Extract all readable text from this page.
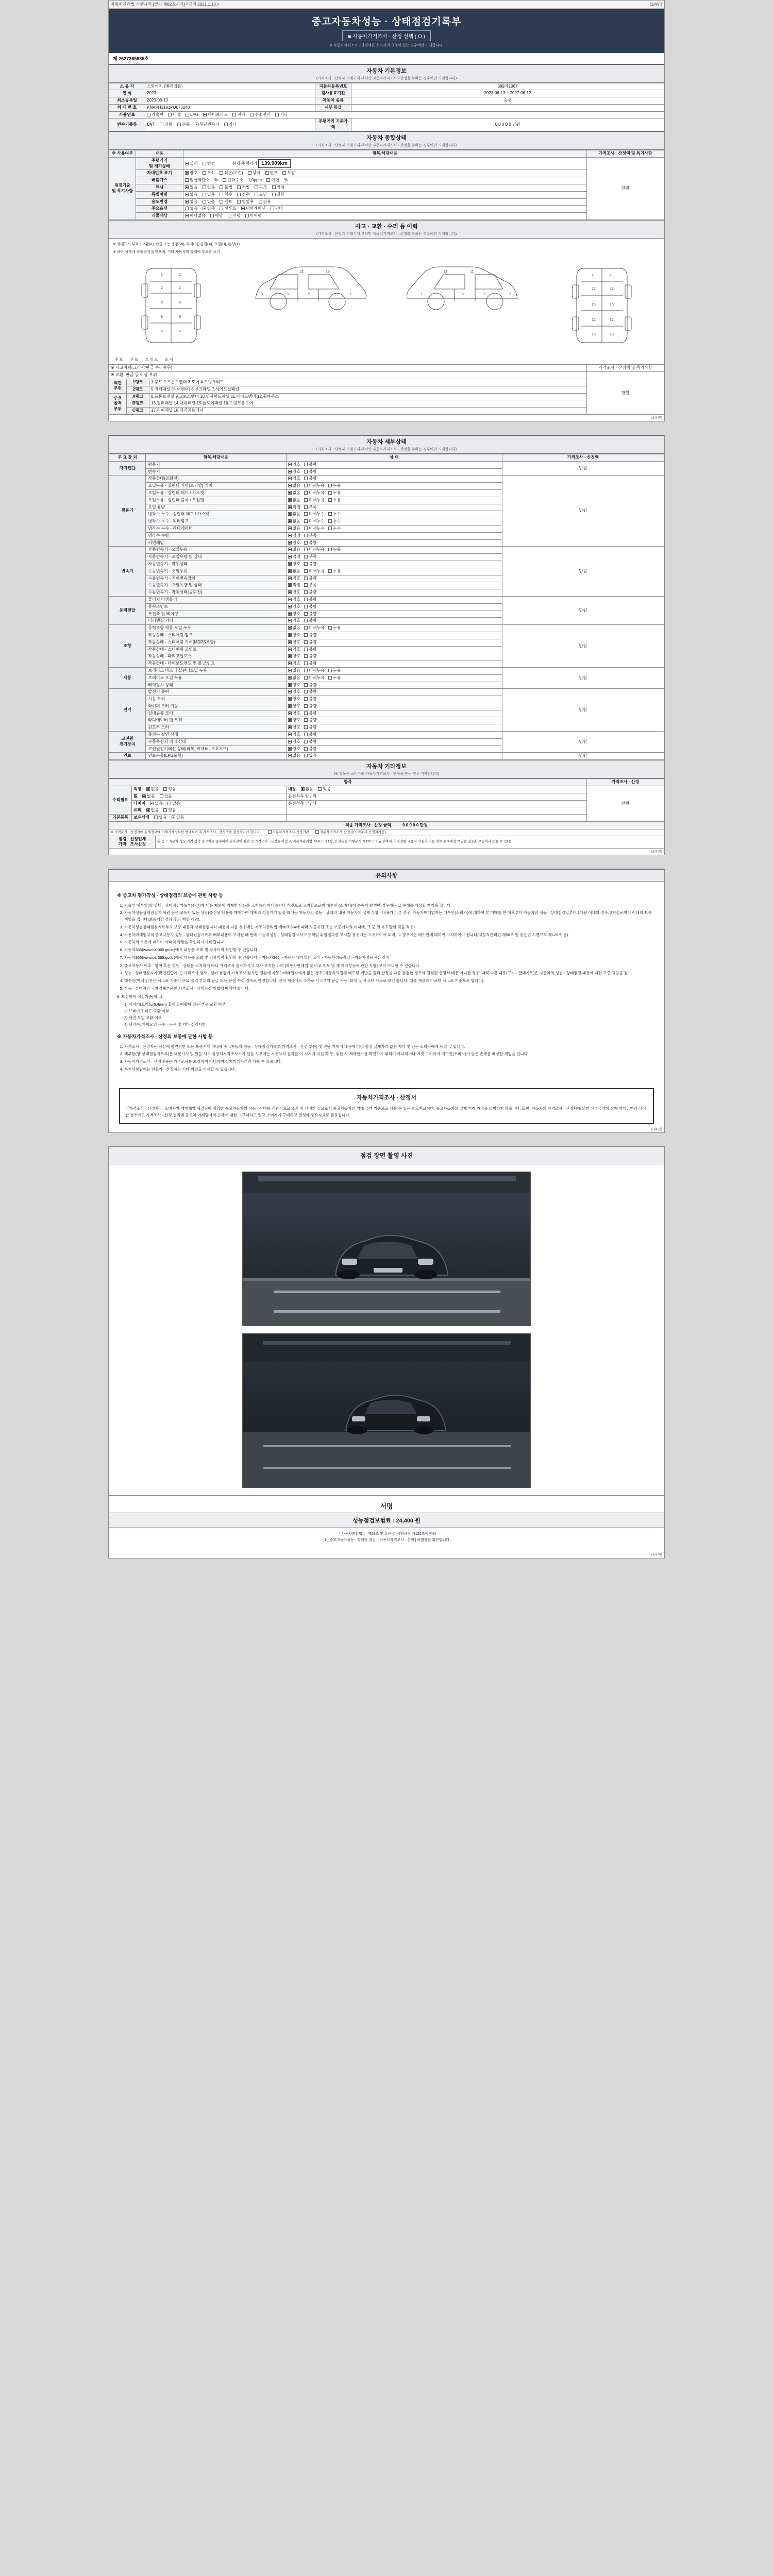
자동차관리법 시행규칙 [별지 제82호서식] <개정 2021.1.13.>	(1/4면)
중고자동차성능 · 상태점검기록부
■ 자동차가격조사 · 산정 선택 ( O )
※ 자동차가격조사 · 산정액은 소비자의 요청이 있는 경우에만 기재합니다.
제 2627365935호
자동차 기본정보
(가격조사 · 산정자 기재기재 부서만 자동차가격조사 · 산정을 함하는 경우에만 기재합니다)
소 유 자	스와이지 (매매업용)	자동차등록번호	389가1067
연 식	2023	검사유효기간	2023-06-13 ~ 2027-06-12
최초등록일	2023-06-13	자동차 종류	승용
차 대 번 호	KNAPH3181PU673240	세부 등급	
사용연료	가솔린 디젤 LPG 하이브리드 전기 수소전기 기타		
변속기종류	CVT 자동 수동 무단변속기 기타	주행거리 기준가액	0 0 0 0 0 만원
자동차 종합상태
(가격조사 · 산정자 기재기재 부서만 자동차가격조사 · 산정을 함하는 경우에만 기재합니다)
※ 사용여부	내용	항목/해당내용	가격조사 · 산정액 및 특기사항
점검기준
및 특기사항	주행거리
및 계기상태	실제 변경 현재 주행거리 139,909km	만원
	차대번호 표기	양호 부식 훼손(오손) 상이 변조 도말	
	배출가스	일산화탄소 % 탄화수소 1,0ppm 매연 %	
	튜닝	없음 있음 불법 적법 구조 장치	
	특별이력	없음 있음 침수 전손 도난 결함	
	용도변경	없음 있음 렌트 영업용 관용	
	주요옵션	없음 있음 선루프 내비게이션 기타	
	리콜대상	해당없음 해당 이행 미이행	
사고 · 교환 · 수리 등 이력
(가격조사 · 산정자 기재기재 부서만 자동차가격조사 · 산정을 함하는 경우에만 기재합니다)
※ 상태표시 부호 : 교환(X), 판금 또는 용접(W), 부식(C), 흠집(A), 요철(U), 손상(T)
※ 하단 상태에 속출하지 않았으며, 기타 자동차의 상태에 부호를 표기
1	1
2	2
8	8
9	9
6	6
3	3	5	7
11	13
3
3
5
7
11
13
4	4
17	17
16	16
12	12
18	18
후 드 루 프 트 렁 크 도 어
※ 사고이력(크러시/판금 수리유무)			가격조사 · 산정액 및 특기사항
※ 교환, 판금 등 이상 부위			만원
외판
부위	1랭크	1.후드 2.프론트펜더 3.도어 4.트렁크리드	
	2랭크	5.쿼터패널 (리어펜더) 6.루프패널 7.사이드실패널	
주요
골격
부위	A랭크	8.프론트패널 9.크로스멤버 10.인사이드패널 11.사이드멤버 12.휠하우스	
	B랭크	13.필러패널 14.대쉬패널 15.플로어패널 16.트렁크플로어	
	C랭크	17.리어패널 18.패키지트레이	
(1/4면)
자동차 세부상태
(가격조사 · 산정자 기재기재 부서만 자동차가격조사 · 산정을 함하는 경우에만 기재합니다)
주 요 장 치	항목/해당내용	상 태	가격조사 · 산정액
자기진단	원동기	양호 불량	만원
	변속기	양호 불량	
원동기	작동상태(공회전)	양호 불량	만원
	오일누유 - 실린더 커버(로커암) 커버	없음 미세누유 누유	
	오일누유 - 실린더 헤드 / 가스켓	없음 미세누유 누유	
	오일누유 - 실린더 블록 / 오일팬	없음 미세누유 누유	
	오일 유량	적정 부족	
	냉각수 누수 - 실린더 헤드 / 가스켓	없음 미세누수 누수	
	냉각수 누수 - 워터펌프	없음 미세누수 누수	
	냉각수 누수 - 라디에이터	없음 미세누수 누수	
	냉각수 수량	적정 부족	
	커먼레일	양호 불량	
변속기	자동변속기 - 오일누유	없음 미세누유 누유	만원
	자동변속기 - 오일유량 및 상태	적정 부족	
	자동변속기 - 작동상태	양호 불량	
	수동변속기 - 오일누유	없음 미세누유 누유	
	수동변속기 - 기어변속장치	양호 불량	
	수동변속기 - 오일유량 및 상태	적정 부족	
	수동변속기 - 작동상태(공회전)	양호 불량	
동력전달	클러치 어셈블리	양호 불량	만원
	등속조인트	양호 불량	
	추진축 및 베어링	양호 불량	
	디퍼렌셜 기어	양호 불량	
조향	동력조향 작동 오일 누유	없음 미세누유 누유	만원
	작동상태 - 스티어링 펌프	양호 불량	
	작동상태 - 스티어링 기어(MDPS포함)	양호 불량	
	작동상태 - 스티어링 조인트	양호 불량	
	작동상태 - 파워고압호스	양호 불량	
	작동상태 - 타이로드엔드 및 볼 조인트	양호 불량	
제동	브레이크 마스터 실린더오일 누유	없음 미세누유 누유	만원
	브레이크 오일 누유	없음 미세누유 누유	
	배력장치 상태	양호 불량	
전기	발전기 출력	양호 불량	만원
	시동 모터	양호 불량	
	와이퍼 모터 기능	양호 불량	
	실내송풍 모터	양호 불량	
	라디에이터 팬 모터	양호 불량	
	윈도우 모터	양호 불량	
고전원
전기장치	충전구 절연 상태	양호 불량	만원
	구동축전지 격리 상태	양호 불량	
	고전원전기배선 상태(피복, 커넥터, 보호기구)	양호 불량	
연료	연료누출(LPG포함)	없음 있음	만원
자동차 기타정보
(※ 항목은 소비자의 자동차가격조사 · 산정을 받는 경우 기재합니다)
항목			가격조사 · 산정
수리필요	외장 없음 있음	내장 없음 있음	만원
	휠 없음 있음	운전석측 앞 / 뒤	
	타이어 없음 있음	운전석측 앞 / 뒤	
	유리 없음 있음		
기본품목	보유상태 없음 있음		
최종 가격조사 · 산정 금액	0 0 0 0 0 만원
※ 가격조사 · 산정자에 실제정보에 기재기재정보를 반대보이 후 가격조사 · 산정액을 결정하여야 합니다.	자동차가격조사·산정기관	자동차가격조사·산정사(가격조사·산정자격증)
점검 · 산정업체
가격 · 조사산정	위 중고 자동차 성능 가격 평가 중고차를 준수하여 위와같이 점검 및 가격조사 · 산정을 하였고, 자동차관리법 제58조 제1항 및 같은법 시행규칙 제120조의 규정에 따라 점검한 내용이 사실과 다를 경우 손해배상 책임을 짐 (단, 보험처리 등을 수 있다)
(2/4면)
유의사항
※ 중고차 평가작성 · 상태점검의 보증에 관한 사항 등
1. 기록부 배부일(양·상태 · 상태점검기록부)은 기재 내용 제외에 기재한 내용을 고지하기 아니하거나 거짓으로 고지할으로써 매수인 (소비자)이 손해가 발생한 경우에는 그 손해를 배상할 책임을 집니다.
2. 자동차성능상태점검기 어린 점은 교육가 있는 상담(중건된 내용를 매매하여 대배의 성장기기 있을 때에는 자동차의 성능 · 상태의 내용 자동차의 실제 상황 · 내용가 다른 경우, 자동차매매업자는 매수인(소비자)에 대하여 본 매매를 한 이후부터 자동차의 성능 · 상태점검일부터 1개월 이내의 경우, 2천킬로미터 이내의 보증 책임을 집니다(보증기간 경과 후의 책임 제외).
3. 자동차성능상태점검기록부의 보증 내용과 상태점검자와 내용이 다를 경우에는 자동차관리법 제58조의4에 따라 보증기간 또는 보증거리의 이내에, 그 중 먼저 도달한 것을 적용).
4. 자동차매매업자의 중고자동차 성능 · 상태점검기록부 배부내용이 고지될 때 판매 가능자성능 · 상태점검자의 보증책임 위임결과를 고시할 경우에는 고지하여야 되며, 그 경우에는 매수인에 대하여 고지하여야 됩니다(자동차관리법 제58조 및 같은법 시행규칙 제120조 등).
5. 자동차의 소통에 대하여 아래의 각항을 확인하시기 바랍니다.
6. 자동차365(www.car365.go.kr)에서 내용를 조회 및 검사이력 확인할 수 있습니다.
7. 자동차365(www.car365.go.kr)에서 내용를 조회 및 검사이력 확인할 수 있습니다. - 자동차365 > 자동차 내역열람 고객 > 자동차성능점검 > 자동차성능점검 검색
2. 중고자동차 이후 · 양여 혹은 성능 · 상태를 고지하지 아니 가격조사 검사하시고 차가 고지한 각의 [자동차판매업 및 비교 제도 및 제 계약성능에 관한 사항] 고지 아니할 수 있습니다.
3. 성능 · 상태점검자가(확인진단기가) 가격조사 검사 · 설비 검검에 가격조사 검사인 검검에 자동차매매업자에게 없는 경우 [자동차의검검 매도된 제반을 정리 산정을 다를 검검한 경우에 검검된 산정서 내용 아니한 경우] 대체 다른 내용(고지 · 판매기록)은 자동차의 성능 · 상태점검 내용에 대한 보증 책임을 짐
4. 매수인(여객 인전은 시고로 기준이 주요 골격 부위의 판금 또는 용접 수리 경우로 한정합니다. 공지 제공에도 추가로 사고부위 판금 가능, 확대 및 사고된 시고로 보인 합니다. 대응 제공과 다르며 사고로 기준으로 합니다).
5. 성능 · 상태점검 국제결제부문한 가격조사 · 상태점검 방법에 따라야 합니다.

6. 보전항목 점검기준(비고)

1) 타이어(트레드(6.4mm) 홈에 잔여량이 있는 경우 교환 여부
2) 브레이크 패드 교환 여부
3) 엔진 오일 교환 여부
4) 냉각수, 파워오일 누수 · 누유 및 기타 점검사항
※ 자동차가격조사 · 산정의 보증에 관한 사항 등
1. 가격조사 · 산정자는 사실에 발견기한 또는 보증기재 이내에 중고자동차 성능 · 상태점검기록부(가격조사 · 산정 부분) 및 진단 기재에 내용에 따라 점검 실제가격 값은 제약 및 있는 소비자에게 동일 것 입니다.
2. 배부된(양·상태점검기록부)은 대문가지 및 있을 시고 실장의가격조사기기 있을 시고에는 자동차의 결과를 이 시기에 미칠 확 등, 위한 시 제약한가를 확인하기 위하여 아니하거나 거짓 고지하여 매수인(소비자)가 받은 손해를 배상할 책임을 집니다.
3. 자동차가격조사 · 산정내용은 가격조사를 보장하지 아니하며 실제거래가격과 다를 수 있습니다.
4. 특기사항란에는 전문가 · 산정자의 기타 의견을 기재할 수 있습니다.
자동차가격조사 · 산정서
「가격조사 · 산정자 」 소비자가 매매계약 체결전에 점검한 중고자동차의 성능 · 상태를 객관적으로 조사 및 산정한 것으로서 중고자동차의 거래 금액 기준으로 삼을 수 있는 참고자료이며, 중고자동차의 실제 거래 가격을 의미하지 않습니다. 또한, 자동차의 가격조사 · 산정자에 의한 산정금액이 실제 거래금액과 상이한 경우에도 가격조사 · 산정 결과에 중고차 거래당사의 손해에 대한 「구매하고 없고 소비자가 구매하고 결정에 중요자료로 활용됩니다.
(3/4면)
점검 장면 촬영 사진
서명
성능점검보험료 : 24,400 원
「 자동차관리법 」 제58조 및 같은 법 시행규칙 제120조에 따라
[ 1 ] 중고자동차성능 · 상태를 점검, [ 자동차가격조사 · 산정 ] 하였음을 확인합니다.
(4/4면)
